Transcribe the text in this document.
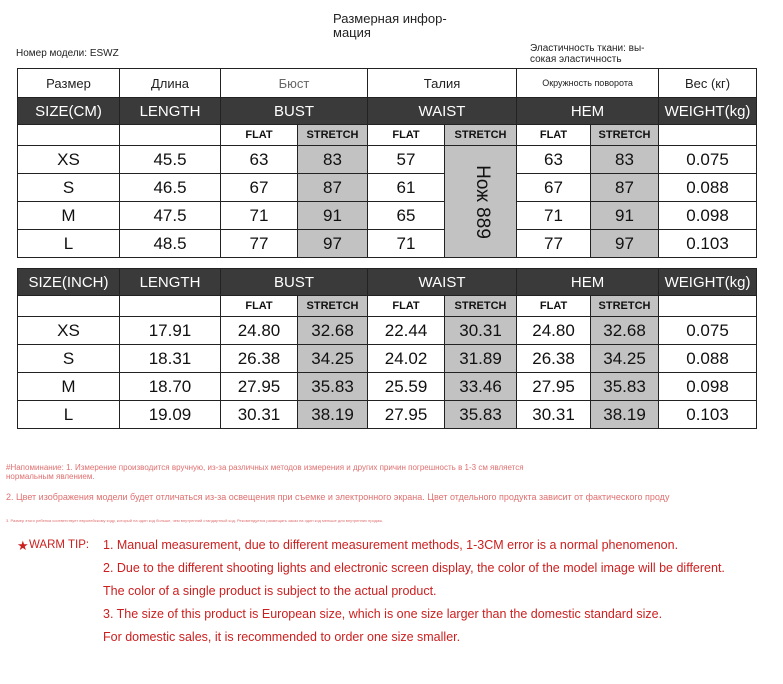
Размерная инфор-
мация
Номер модели: ESWZ	Эластичность ткани: вы-
сокая эластичность
Размер	Длина	Бюст		Талия		Окружность поворота		Вес (кг)
SIZE(CM)	LENGTH	BUST		WAIST		HEM		WEIGHT(kg)
		FLAT	STRETCH	FLAT	STRETCH	FLAT	STRETCH	
XS	45.5	63	83	57	Нож 889	63	83	0.075
S	46.5	67	87	61		67	87	0.088
M	47.5	71	91	65		71	91	0.098
L	48.5	77	97	71		77	97	0.103
SIZE(INCH)	LENGTH	BUST		WAIST		HEM		WEIGHT(kg)
		FLAT	STRETCH	FLAT	STRETCH	FLAT	STRETCH	
XS	17.91	24.80	32.68	22.44	30.31	24.80	32.68	0.075
S	18.31	26.38	34.25	24.02	31.89	26.38	34.25	0.088
M	18.70	27.95	35.83	25.59	33.46	27.95	35.83	0.098
L	19.09	30.31	38.19	27.95	35.83	30.31	38.19	0.103
#Напоминание: 1. Измерение производится вручную, из-за различных методов измерения и других причин погрешность в 1-3 см является нормальным явлением.
2. Цвет изображения модели будет отличаться из-за освещения при съемке и электронного экрана. Цвет отдельного продукта зависит от фактического проду
3. Размер этого ребенка соответствует европейскому коду, который на один код больше, чем внутренний стандартный код. Рекомендуется размещать заказ на один код меньше для внутренних продаж.
★ WARM TIP: 1. Manual measurement, due to different measurement methods, 1-3CM error is a normal phenomenon.
2. Due to the different shooting lights and electronic screen display, the color of the model image will be different.
The color of a single product is subject to the actual product.
3. The size of this product is European size, which is one size larger than the domestic standard size.
For domestic sales, it is recommended to order one size smaller.
